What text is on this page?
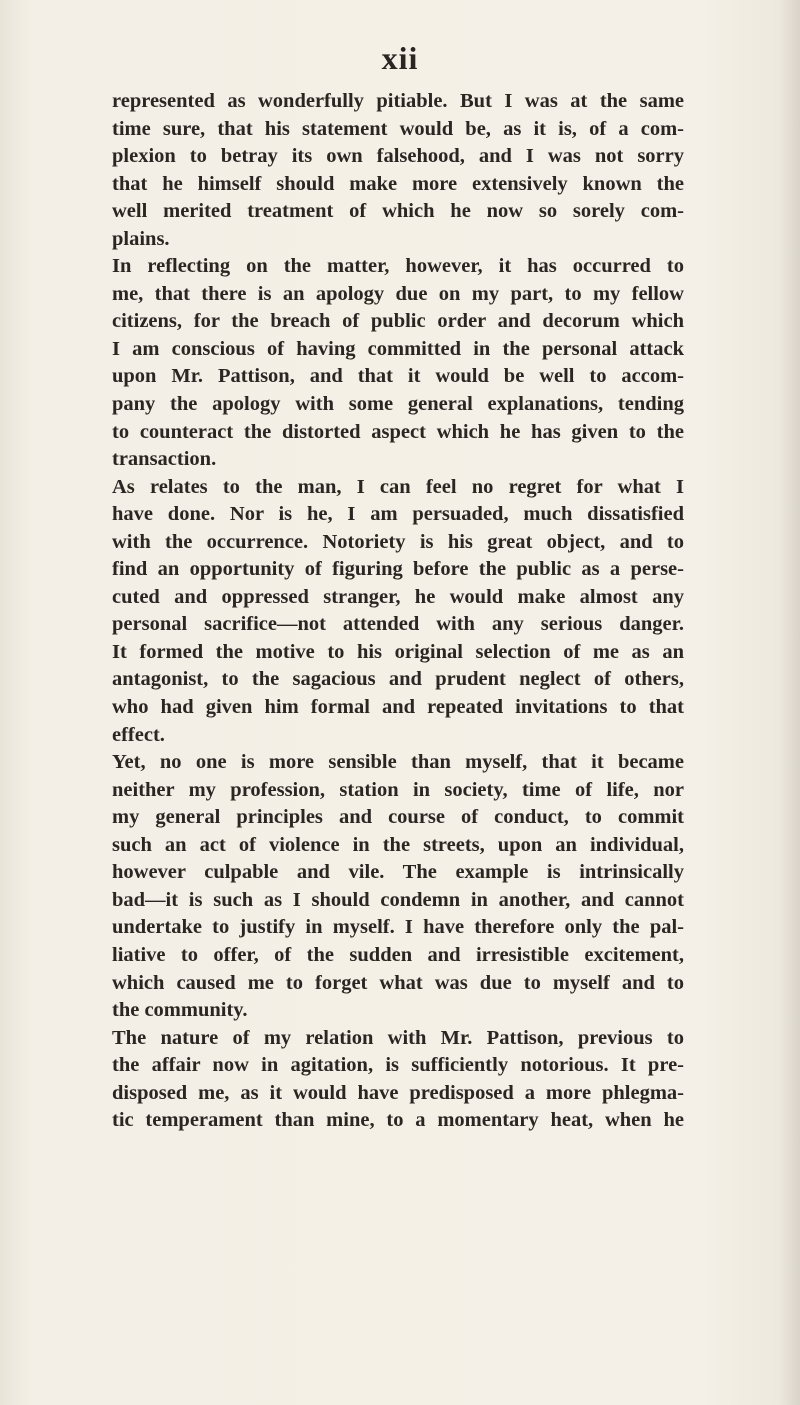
xii
represented as wonderfully pitiable. But I was at the same
time sure, that his statement would be, as it is, of a com-
plexion to betray its own falsehood, and I was not sorry
that he himself should make more extensively known the
well merited treatment of which he now so sorely com-
plains.
In reflecting on the matter, however, it has occurred to
me, that there is an apology due on my part, to my fellow
citizens, for the breach of public order and decorum which
I am conscious of having committed in the personal attack
upon Mr. Pattison, and that it would be well to accom-
pany the apology with some general explanations, tending
to counteract the distorted aspect which he has given to the
transaction.
As relates to the man, I can feel no regret for what I
have done. Nor is he, I am persuaded, much dissatisfied
with the occurrence. Notoriety is his great object, and to
find an opportunity of figuring before the public as a perse-
cuted and oppressed stranger, he would make almost any
personal sacrifice—not attended with any serious danger.
It formed the motive to his original selection of me as an
antagonist, to the sagacious and prudent neglect of others,
who had given him formal and repeated invitations to that
effect.
Yet, no one is more sensible than myself, that it became
neither my profession, station in society, time of life, nor
my general principles and course of conduct, to commit
such an act of violence in the streets, upon an individual,
however culpable and vile. The example is intrinsically
bad—it is such as I should condemn in another, and cannot
undertake to justify in myself. I have therefore only the pal-
liative to offer, of the sudden and irresistible excitement,
which caused me to forget what was due to myself and to
the community.
The nature of my relation with Mr. Pattison, previous to
the affair now in agitation, is sufficiently notorious. It pre-
disposed me, as it would have predisposed a more phlegma-
tic temperament than mine, to a momentary heat, when he
